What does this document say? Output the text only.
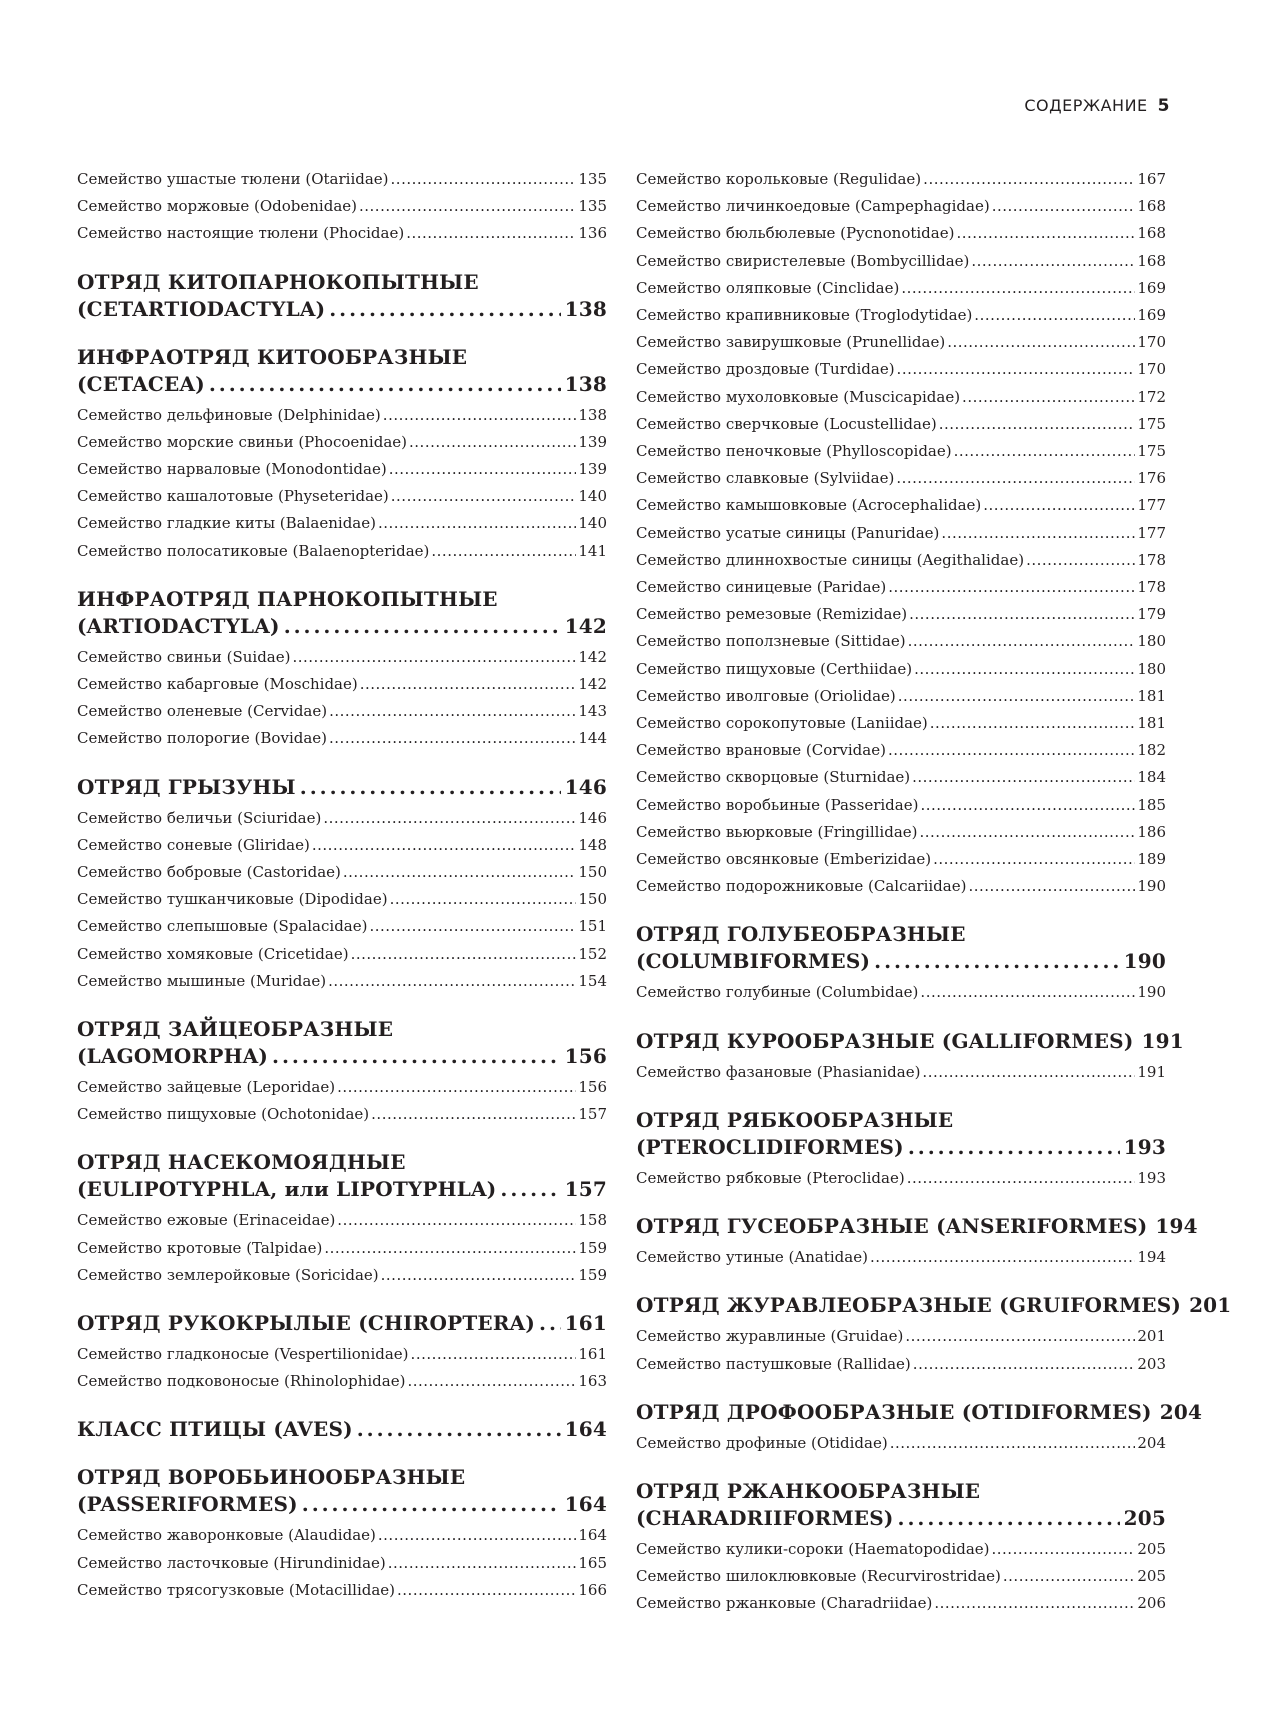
СОДЕРЖАНИЕ 5
Семейство ушастые тюлени (Otariidae) .....	135
Семейство моржовые (Odobenidae) .....	135
Семейство настоящие тюлени (Phocidae) .....	136
ОТРЯД КИТОПАРНОКОПЫТНЫЕ
(CETARTIODACTYLA) . . .	138
ИНФРАОТРЯД КИТООБРАЗНЫЕ
(CETACEA) . . .	138
Семейство дельфиновые (Delphinidae) .....	138
Семейство морские свиньи (Phocoenidae) .....	139
Семейство нарваловые (Monodontidae) .....	139
Семейство кашалотовые (Physeteridae) .....	140
Семейство гладкие киты (Balaenidae) .....	140
Семейство полосатиковые (Balaenopteridae) .....	141
ИНФРАОТРЯД ПАРНОКОПЫТНЫЕ
(ARTIODACTYLA) . . .	142
Семейство свиньи (Suidae) .....	142
Семейство кабарговые (Moschidae) .....	142
Семейство оленевые (Cervidae) .....	143
Семейство полорогие (Bovidae) .....	144
ОТРЯД ГРЫЗУНЫ . . .	146
Семейство беличьи (Sciuridae) .....	146
Семейство соневые (Gliridae) .....	148
Семейство бобровые (Castoridae) .....	150
Семейство тушканчиковые (Dipodidae) .....	150
Семейство слепышовые (Spalacidae) .....	151
Семейство хомяковые (Cricetidae) .....	152
Семейство мышиные (Muridae) .....	154
ОТРЯД ЗАЙЦЕОБРАЗНЫЕ
(LAGOMORPHA) . . .	156
Семейство зайцевые (Leporidae) .....	156
Семейство пищуховые (Ochotonidae) .....	157
ОТРЯД НАСЕКОМОЯДНЫЕ
(EULIPOTYPHLA, или LIPOTYPHLA) . . .	157
Семейство ежовые (Erinaceidae) .....	158
Семейство кротовые (Talpidae) .....	159
Семейство землеройковые (Soricidae) .....	159
ОТРЯД РУКОКРЫЛЫЕ (CHIROPTERA) . . . 161
Семейство гладконосые (Vespertilionidae) .....	161
Семейство подковоносые (Rhinolophidae) .....	163
КЛАСС ПТИЦЫ (AVES) . . .	164
ОТРЯД ВОРОБЬИНООБРАЗНЫЕ
(PASSERIFORMES) . . .	164
Семейство жаворонковые (Alaudidae) .....	164
Семейство ласточковые (Hirundinidae) .....	165
Семейство трясогузковые (Motacillidae) .....	166
Семейство корольковые (Regulidae) .....	167
Семейство личинкоедовые (Campephagidae) .....	168
Семейство бюльбюлевые (Pycnonotidae) .....	168
Семейство свиристелевые (Bombycillidae) .....	168
Семейство оляпковые (Cinclidae) .....	169
Семейство крапивниковые (Troglodytidae) .....	169
Семейство завирушковые (Prunellidae) .....	170
Семейство дроздовые (Turdidae) .....	170
Семейство мухоловковые (Muscicapidae) .....	172
Семейство сверчковые (Locustellidae) .....	175
Семейство пеночковые (Phylloscopidae) .....	175
Семейство славковые (Sylviidae) .....	176
Семейство камышовковые (Acrocephalidae) .....	177
Семейство усатые синицы (Panuridae) .....	177
Семейство длиннохвостые синицы (Aegithalidae) .....	178
Семейство синицевые (Paridae) .....	178
Семейство ремезовые (Remizidae) .....	179
Семейство поползневые (Sittidae) .....	180
Семейство пищуховые (Certhiidae) .....	180
Семейство иволговые (Oriolidae) .....	181
Семейство сорокопутовые (Laniidae) .....	181
Семейство врановые (Corvidae) .....	182
Семейство скворцовые (Sturnidae) .....	184
Семейство воробьиные (Passeridae) .....	185
Семейство вьюрковые (Fringillidae) .....	186
Семейство овсянковые (Emberizidae) .....	189
Семейство подорожниковые (Calcariidae) .....	190
ОТРЯД ГОЛУБЕОБРАЗНЫЕ
(COLUMBIFORMES) . . .	190
Семейство голубиные (Columbidae) .....	190
ОТРЯД КУРООБРАЗНЫЕ (GALLIFORMES) 191
Семейство фазановые (Phasianidae) .....	191
ОТРЯД РЯБКООБРАЗНЫЕ
(PTEROCLIDIFORMES) . . .	193
Семейство рябковые (Pteroclidae) .....	193
ОТРЯД ГУСЕОБРАЗНЫЕ (ANSERIFORMES) 194
Семейство утиные (Anatidae) .....	194
ОТРЯД ЖУРАВЛЕОБРАЗНЫЕ (GRUIFORMES) 201
Семейство журавлиные (Gruidae) .....	201
Семейство пастушковые (Rallidae) .....	203
ОТРЯД ДРОФООБРАЗНЫЕ (OTIDIFORMES) 204
Семейство дрофиные (Otididae) .....	204
ОТРЯД РЖАНКООБРАЗНЫЕ
(CHARADRIIFORMES) . . .	205
Семейство кулики-сороки (Haematopodidae) .....	205
Семейство шилоклювковые (Recurvirostridae) .....	205
Семейство ржанковые (Charadriidae) .....	206
